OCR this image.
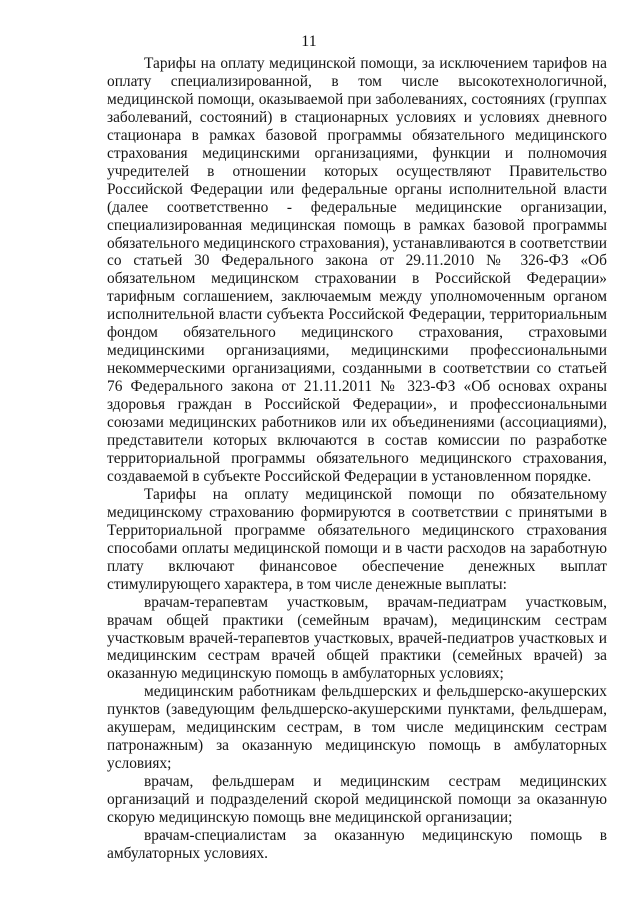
11

Тарифы на оплату медицинской помощи, за исключением тарифов на оплату специализированной, в том числе высокотехнологичной, медицинской помощи, оказываемой при заболеваниях, состояниях (группах заболеваний, состояний) в стационарных условиях и условиях дневного стационара в рамках базовой программы обязательного медицинского страхования медицинскими организациями, функции и полномочия учредителей в отношении которых осуществляют Правительство Российской Федерации или федеральные органы исполнительной власти (далее соответственно - федеральные медицинские организации, специализированная медицинская помощь в рамках базовой программы обязательного медицинского страхования), устанавливаются в соответствии со статьей 30 Федерального закона от 29.11.2010 № 326-ФЗ «Об обязательном медицинском страховании в Российской Федерации» тарифным соглашением, заключаемым между уполномоченным органом исполнительной власти субъекта Российской Федерации, территориальным фондом обязательного медицинского страхования, страховыми медицинскими организациями, медицинскими профессиональными некоммерческими организациями, созданными в соответствии со статьей 76 Федерального закона от 21.11.2011 № 323-ФЗ «Об основах охраны здоровья граждан в Российской Федерации», и профессиональными союзами медицинских работников или их объединениями (ассоциациями), представители которых включаются в состав комиссии по разработке территориальной программы обязательного медицинского страхования, создаваемой в субъекте Российской Федерации в установленном порядке.

Тарифы на оплату медицинской помощи по обязательному медицинскому страхованию формируются в соответствии с принятыми в Территориальной программе обязательного медицинского страхования способами оплаты медицинской помощи и в части расходов на заработную плату включают финансовое обеспечение денежных выплат стимулирующего характера, в том числе денежные выплаты:

врачам-терапевтам участковым, врачам-педиатрам участковым, врачам общей практики (семейным врачам), медицинским сестрам участковым врачей-терапевтов участковых, врачей-педиатров участковых и медицинским сестрам врачей общей практики (семейных врачей) за оказанную медицинскую помощь в амбулаторных условиях;

медицинским работникам фельдшерских и фельдшерско-акушерских пунктов (заведующим фельдшерско-акушерскими пунктами, фельдшерам, акушерам, медицинским сестрам, в том числе медицинским сестрам патронажным) за оказанную медицинскую помощь в амбулаторных условиях;

врачам, фельдшерам и медицинским сестрам медицинских организаций и подразделений скорой медицинской помощи за оказанную скорую медицинскую помощь вне медицинской организации;

врачам-специалистам за оказанную медицинскую помощь в амбулаторных условиях.
